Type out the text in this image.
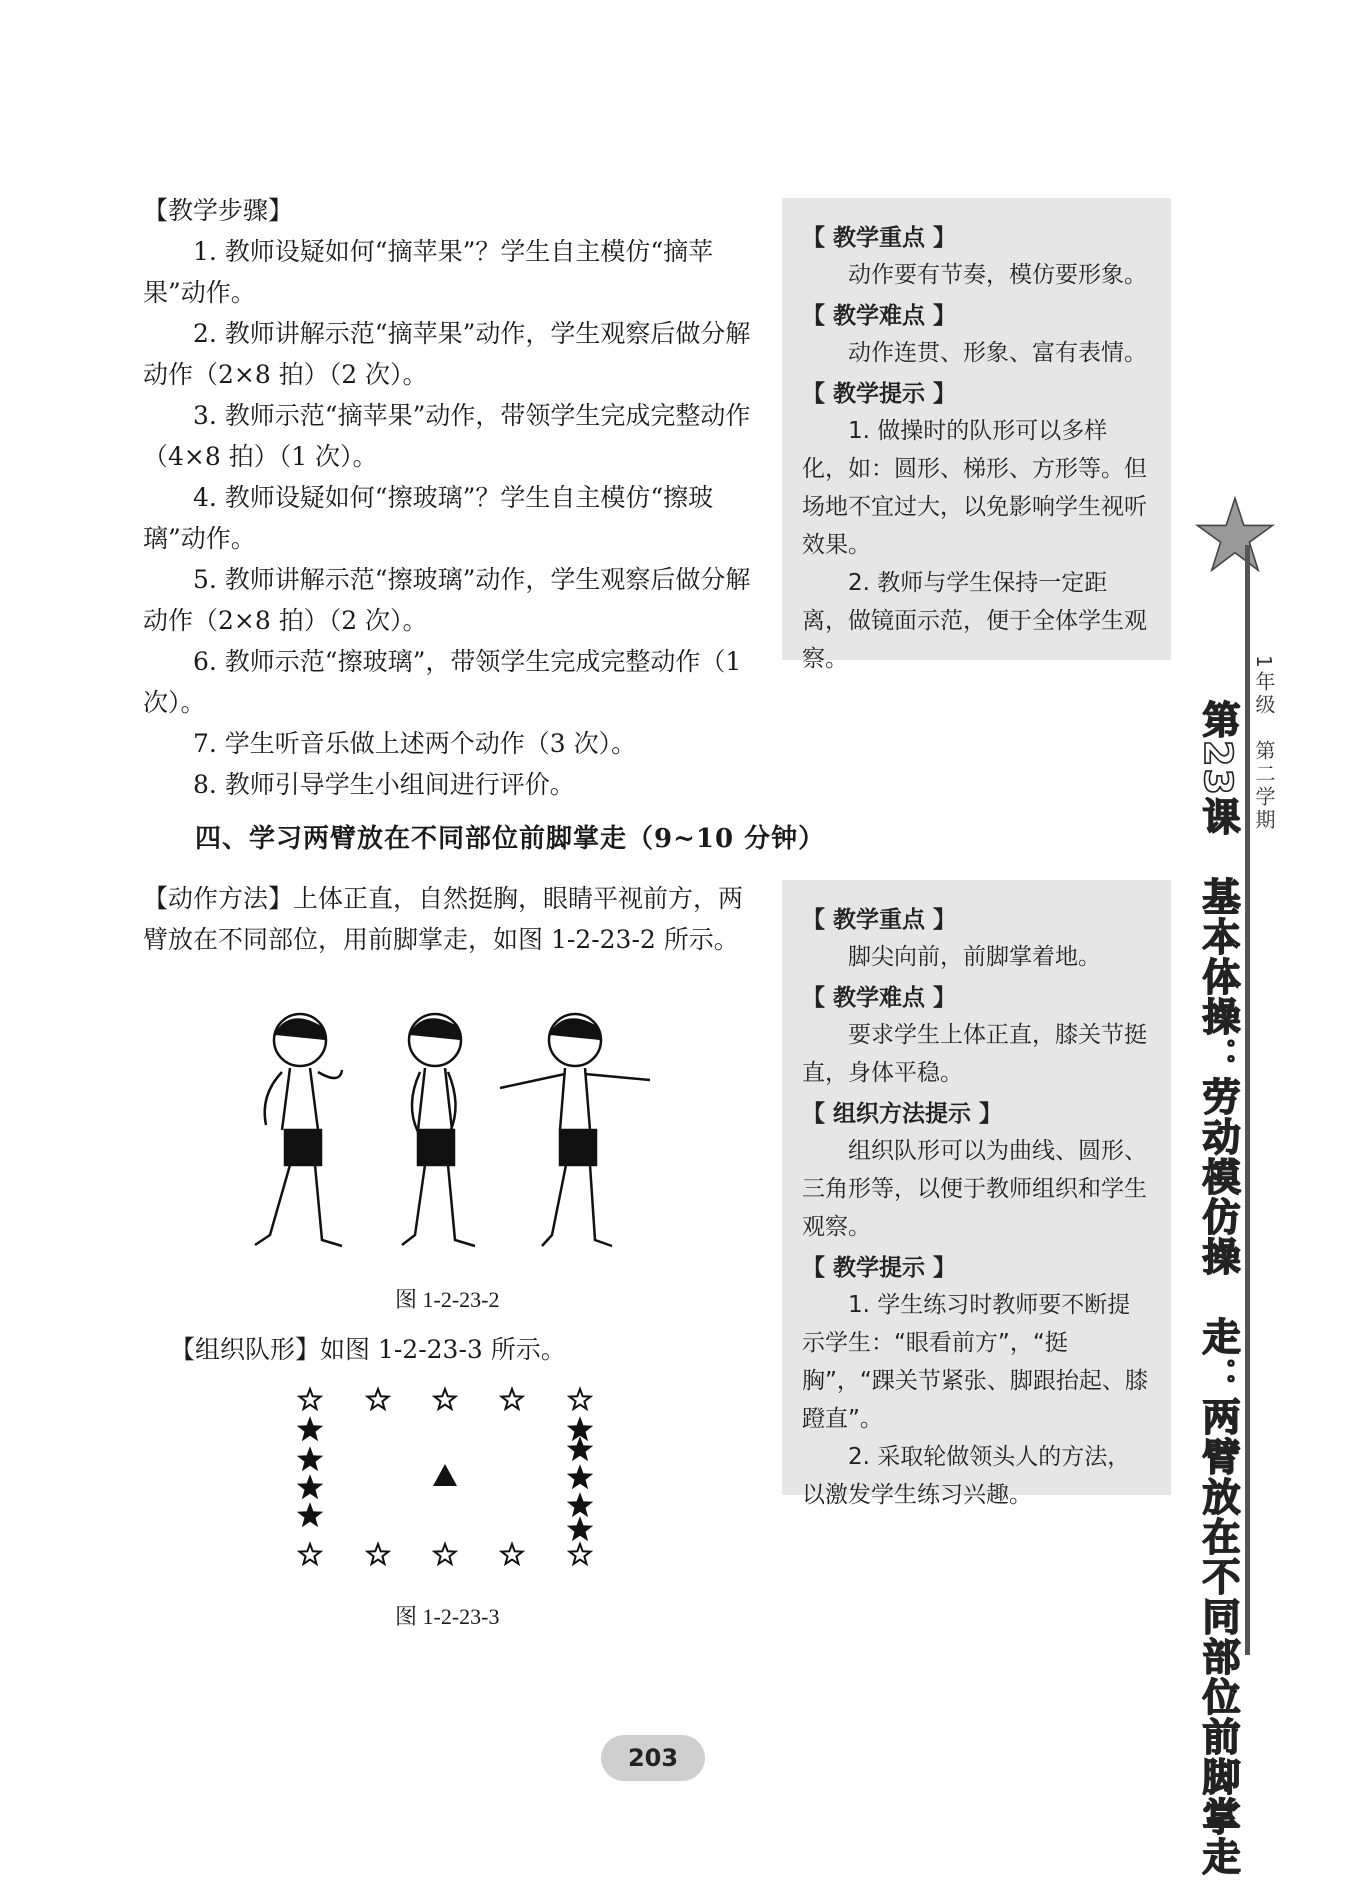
【教学步骤】

1. 教师设疑如何“摘苹果”？学生自主模仿“摘苹果”动作。

2. 教师讲解示范“摘苹果”动作，学生观察后做分解动作（2×8 拍）（2 次）。

3. 教师示范“摘苹果”动作，带领学生完成完整动作（4×8 拍）（1 次）。

4. 教师设疑如何“擦玻璃”？学生自主模仿“擦玻璃”动作。

5. 教师讲解示范“擦玻璃”动作，学生观察后做分解动作（2×8 拍）（2 次）。

6. 教师示范“擦玻璃”，带领学生完成完整动作（1 次）。

7. 学生听音乐做上述两个动作（3 次）。

8. 教师引导学生小组间进行评价。

四、学习两臂放在不同部位前脚掌走（9~10 分钟）

【动作方法】上体正直，自然挺胸，眼睛平视前方，两臂放在不同部位，用前脚掌走，如图 1-2-23-2 所示。

图 1-2-23-2
【组织队形】如图 1-2-23-3 所示。
图 1-2-23-3

【 教学重点 】

动作要有节奏，模仿要形象。

【 教学难点 】

动作连贯、形象、富有表情。

【 教学提示 】

1. 做操时的队形可以多样化，如：圆形、梯形、方形等。但场地不宜过大，以免影响学生视听效果。

2. 教师与学生保持一定距离，做镜面示范，便于全体学生观察。

【 教学重点 】

脚尖向前，前脚掌着地。

【 教学难点 】

要求学生上体正直，膝关节挺直，身体平稳。

【 组织方法提示 】

组织队形可以为曲线、圆形、三角形等，以便于教师组织和学生观察。

【 教学提示 】

1. 学生练习时教师要不断提示学生：“眼看前方”，“挺胸”，“踝关节紧张、脚跟抬起、膝蹬直”。

2. 采取轮做领头人的方法，以激发学生练习兴趣。

1年级　第二学期
第23课　基本体操：劳动模仿操　走：两臂放在不同部位前脚掌走
203
